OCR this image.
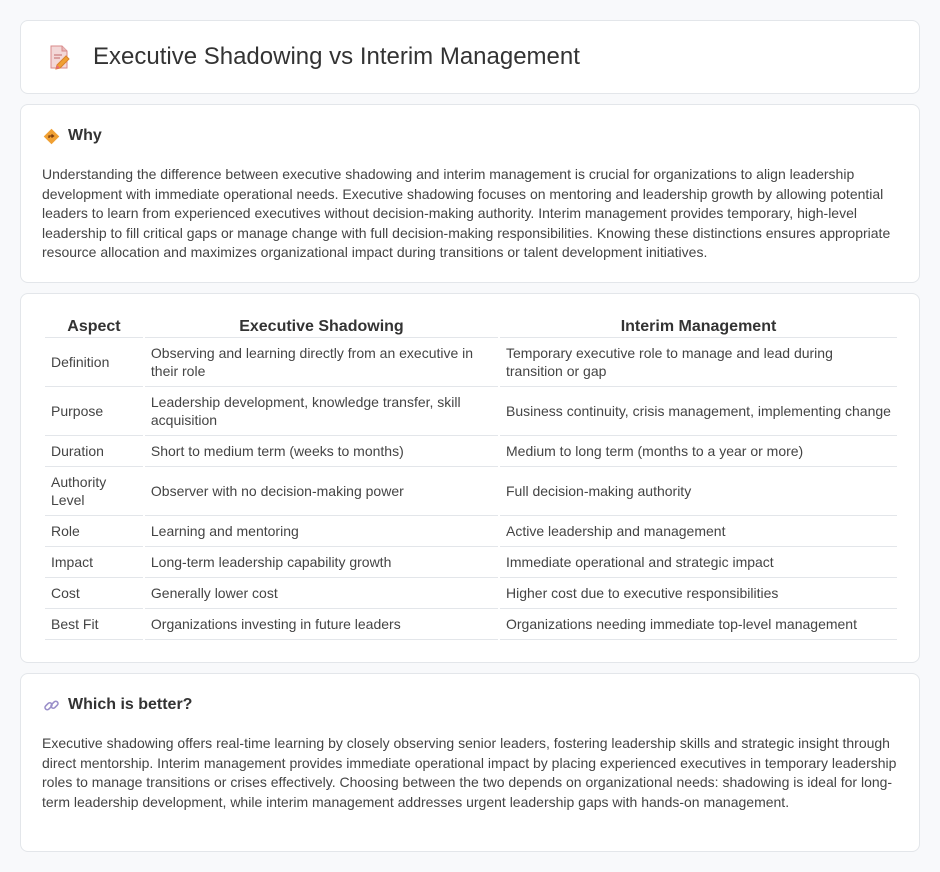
Executive Shadowing vs Interim Management
Why

Understanding the difference between executive shadowing and interim management is crucial for organizations to align leadership development with immediate operational needs. Executive shadowing focuses on mentoring and leadership growth by allowing potential leaders to learn from experienced executives without decision-making authority. Interim management provides temporary, high-level leadership to fill critical gaps or manage change with full decision-making responsibilities. Knowing these distinctions ensures appropriate resource allocation and maximizes organizational impact during transitions or talent development initiatives.

Aspect	Executive Shadowing	Interim Management
Definition	Observing and learning directly from an executive in their role	Temporary executive role to manage and lead during transition or gap
Purpose	Leadership development, knowledge transfer, skill acquisition	Business continuity, crisis management, implementing change
Duration	Short to medium term (weeks to months)	Medium to long term (months to a year or more)
Authority Level	Observer with no decision-making power	Full decision-making authority
Role	Learning and mentoring	Active leadership and management
Impact	Long-term leadership capability growth	Immediate operational and strategic impact
Cost	Generally lower cost	Higher cost due to executive responsibilities
Best Fit	Organizations investing in future leaders	Organizations needing immediate top-level management
Which is better?

Executive shadowing offers real-time learning by closely observing senior leaders, fostering leadership skills and strategic insight through direct mentorship. Interim management provides immediate operational impact by placing experienced executives in temporary leadership roles to manage transitions or crises effectively. Choosing between the two depends on organizational needs: shadowing is ideal for long-term leadership development, while interim management addresses urgent leadership gaps with hands-on management.
